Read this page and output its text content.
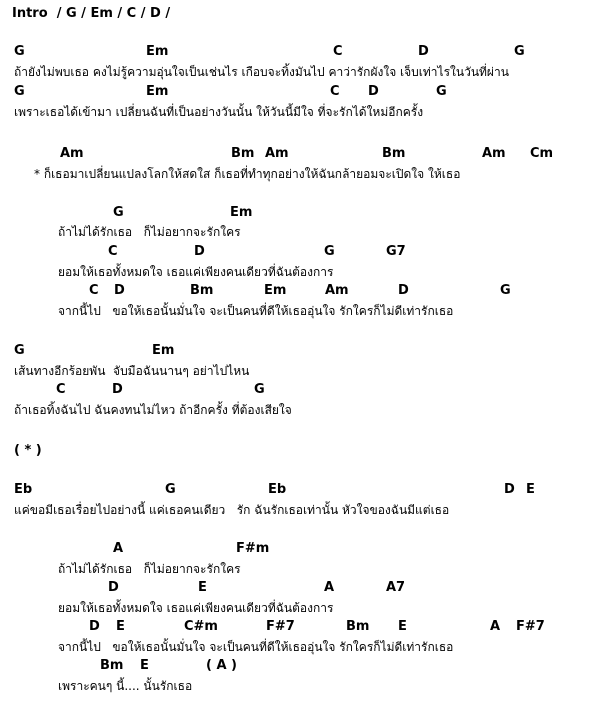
Intro  / G / Em / C / D /
G	Em	C	D	G
ถ้ายังไม่พบเธอ คงไม่รู้ความอุ่นใจเป็นเช่นไร เกือบจะทิ้งมันไป คาว่ารักผังใจ เจ็บเท่าไรในวันที่ผ่าน
G	Em	C D	G
เพราะเธอได้เข้ามา เปลี่ยนฉันที่เป็นอย่างวันนั้น ให้วันนี้มีใจ ที่จะรักได้ใหม่อีกครั้ง
Am	Bm Am	Bm	Am Cm
* ก็เธอมาเปลี่ยนแปลงโลกให้สดใส ก็เธอที่ทำทุกอย่างให้ฉันกล้ายอมจะเปิดใจ ให้เธอ
G	Em
ถ้าไม่ได้รักเธอ   ก็ไม่อยากจะรักใคร
C	D	G	G7
ยอมให้เธอทั้งหมดใจ เธอแค่เพียงคนเดียวที่ฉันต้องการ
C D	Bm	Em	Am	D	G
จากนี้ไป   ขอให้เธอนั้นมั่นใจ จะเป็นคนที่ดีให้เธออุ่นใจ รักใครก็ไม่ดีเท่ารักเธอ
G	Em
เส้นทางอีกร้อยพัน  จับมือฉันนานๆ อย่าไปไหน
C	D	G
ถ้าเธอทิ้งฉันไป ฉันคงทนไม่ไหว ถ้าอีกครั้ง ที่ต้องเสียใจ
( * )
Eb	G	Eb	D E
แค่ขอมีเธอเรื่อยไปอย่างนี้ แค่เธอคนเดียว   รัก ฉันรักเธอเท่านั้น หัวใจของฉันมีแต่เธอ
A	F#m
ถ้าไม่ได้รักเธอ   ก็ไม่อยากจะรักใคร
D	E	A	A7
ยอมให้เธอทั้งหมดใจ เธอแค่เพียงคนเดียวที่ฉันต้องการ
D E	C#m	F#7	Bm E	A F#7
จากนี้ไป   ขอให้เธอนั้นมั่นใจ จะเป็นคนที่ดีให้เธออุ่นใจ รักใครก็ไม่ดีเท่ารักเธอ
Bm E	( A )
เพราะคนๆ นี้.... นั้นรักเธอ
